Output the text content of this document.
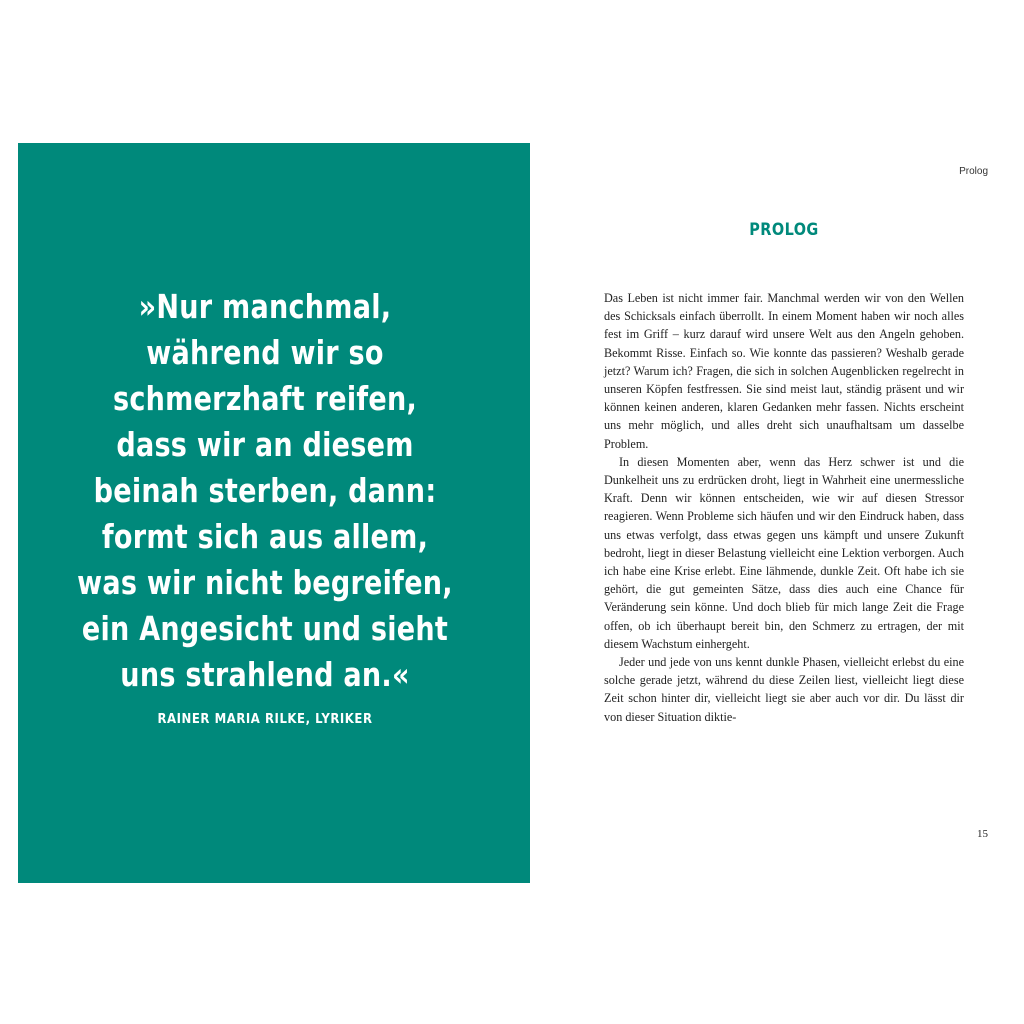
»Nur manchmal,
während wir so
schmerzhaft reifen,
dass wir an diesem
beinah sterben, dann:
formt sich aus allem,
was wir nicht begreifen,
ein Angesicht und sieht
uns strahlend an.«
RAINER MARIA RILKE, LYRIKER
Prolog
PROLOG

Das Leben ist nicht immer fair. Manchmal werden wir von den Wellen des Schicksals einfach überrollt. In einem Moment haben wir noch alles fest im Griff – kurz darauf wird unsere Welt aus den Angeln gehoben. Bekommt Risse. Einfach so. Wie konnte das passieren? Weshalb gerade jetzt? Warum ich? Fragen, die sich in solchen Augenblicken regelrecht in unseren Köpfen festfressen. Sie sind meist laut, ständig präsent und wir können keinen anderen, klaren Gedanken mehr fassen. Nichts erscheint uns mehr möglich, und alles dreht sich unaufhaltsam um dasselbe Problem.

In diesen Momenten aber, wenn das Herz schwer ist und die Dunkelheit uns zu erdrücken droht, liegt in Wahrheit eine unermessliche Kraft. Denn wir können entscheiden, wie wir auf diesen Stressor reagieren. Wenn Probleme sich häufen und wir den Eindruck haben, dass uns etwas verfolgt, dass etwas gegen uns kämpft und unsere Zukunft bedroht, liegt in dieser Belastung vielleicht eine Lektion verborgen. Auch ich habe eine Krise erlebt. Eine lähmende, dunkle Zeit. Oft habe ich sie gehört, die gut gemeinten Sätze, dass dies auch eine Chance für Veränderung sein könne. Und doch blieb für mich lange Zeit die Frage offen, ob ich überhaupt bereit bin, den Schmerz zu ertragen, der mit diesem Wachstum einhergeht.

Jeder und jede von uns kennt dunkle Phasen, vielleicht erlebst du eine solche gerade jetzt, während du diese Zeilen liest, vielleicht liegt diese Zeit schon hinter dir, vielleicht liegt sie aber auch vor dir. Du lässt dir von dieser Situation diktie-

15
